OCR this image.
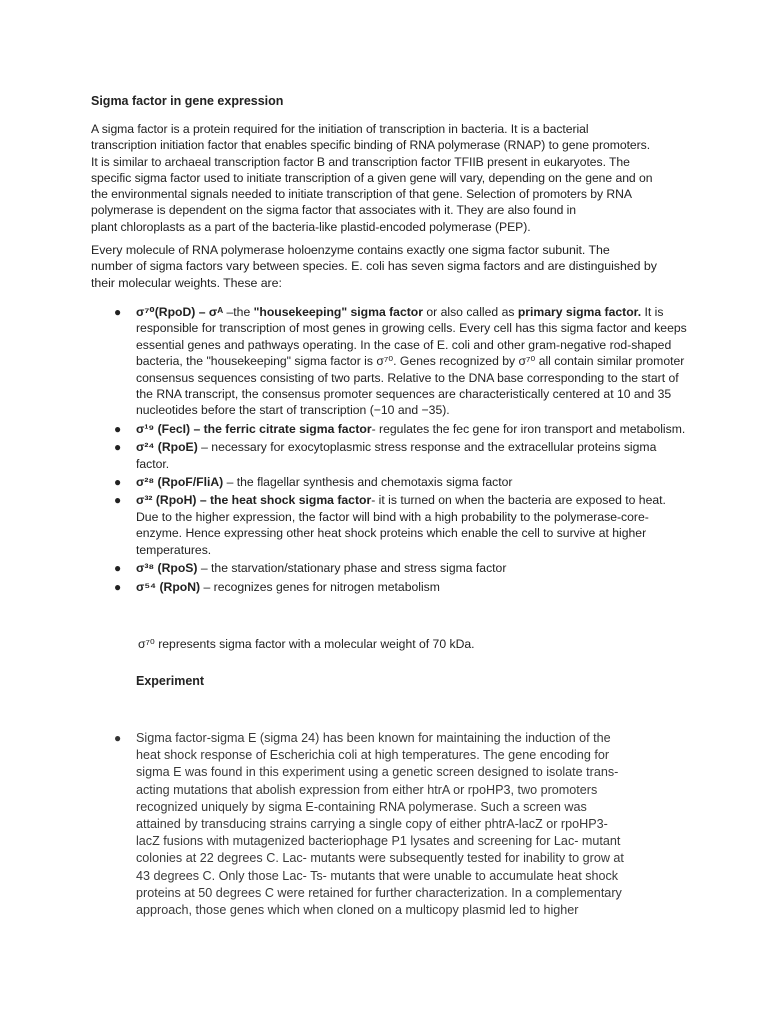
Sigma factor in gene expression
A sigma factor is a protein required for the initiation of transcription in bacteria. It is a bacterial
transcription initiation factor that enables specific binding of RNA polymerase (RNAP) to gene promoters.
It is similar to archaeal transcription factor B and transcription factor TFIIB present in eukaryotes. The
specific sigma factor used to initiate transcription of a given gene will vary, depending on the gene and on
the environmental signals needed to initiate transcription of that gene. Selection of promoters by RNA
polymerase is dependent on the sigma factor that associates with it. They are also found in
plant chloroplasts as a part of the bacteria-like plastid-encoded polymerase (PEP).
Every molecule of RNA polymerase holoenzyme contains exactly one sigma factor subunit. The
number of sigma factors vary between species. E. coli has seven sigma factors and are distinguished by
their molecular weights. These are:
● σ⁷⁰(RpoD) – σᴬ –the "housekeeping" sigma factor or also called as primary sigma factor. It is responsible for transcription of most genes in growing cells. Every cell has this sigma factor and keeps essential genes and pathways operating. In the case of E. coli and other gram-negative rod-shaped bacteria, the "housekeeping" sigma factor is σ⁷⁰. Genes recognized by σ⁷⁰ all contain similar promoter consensus sequences consisting of two parts. Relative to the DNA base corresponding to the start of the RNA transcript, the consensus promoter sequences are characteristically centered at 10 and 35 nucleotides before the start of transcription (−10 and −35).
● σ¹⁹ (FecI) – the ferric citrate sigma factor- regulates the fec gene for iron transport and metabolism.
● σ²⁴ (RpoE) – necessary for exocytoplasmic stress response and the extracellular proteins sigma factor.
● σ²⁸ (RpoF/FliA) – the flagellar synthesis and chemotaxis sigma factor
● σ³² (RpoH) – the heat shock sigma factor- it is turned on when the bacteria are exposed to heat. Due to the higher expression, the factor will bind with a high probability to the polymerase-core-enzyme. Hence expressing other heat shock proteins which enable the cell to survive at higher temperatures.
● σ³⁸ (RpoS) – the starvation/stationary phase and stress sigma factor
● σ⁵⁴ (RpoN) – recognizes genes for nitrogen metabolism
σ⁷⁰ represents sigma factor with a molecular weight of 70 kDa.
Experiment
● Sigma factor-sigma E (sigma 24) has been known for maintaining the induction of the
heat shock response of Escherichia coli at high temperatures. The gene encoding for
sigma E was found in this experiment using a genetic screen designed to isolate trans-
acting mutations that abolish expression from either htrA or rpoHP3, two promoters
recognized uniquely by sigma E-containing RNA polymerase. Such a screen was
attained by transducing strains carrying a single copy of either phtrA-lacZ or rpoHP3-
lacZ fusions with mutagenized bacteriophage P1 lysates and screening for Lac- mutant
colonies at 22 degrees C. Lac- mutants were subsequently tested for inability to grow at
43 degrees C. Only those Lac- Ts- mutants that were unable to accumulate heat shock
proteins at 50 degrees C were retained for further characterization. In a complementary
approach, those genes which when cloned on a multicopy plasmid led to higher
